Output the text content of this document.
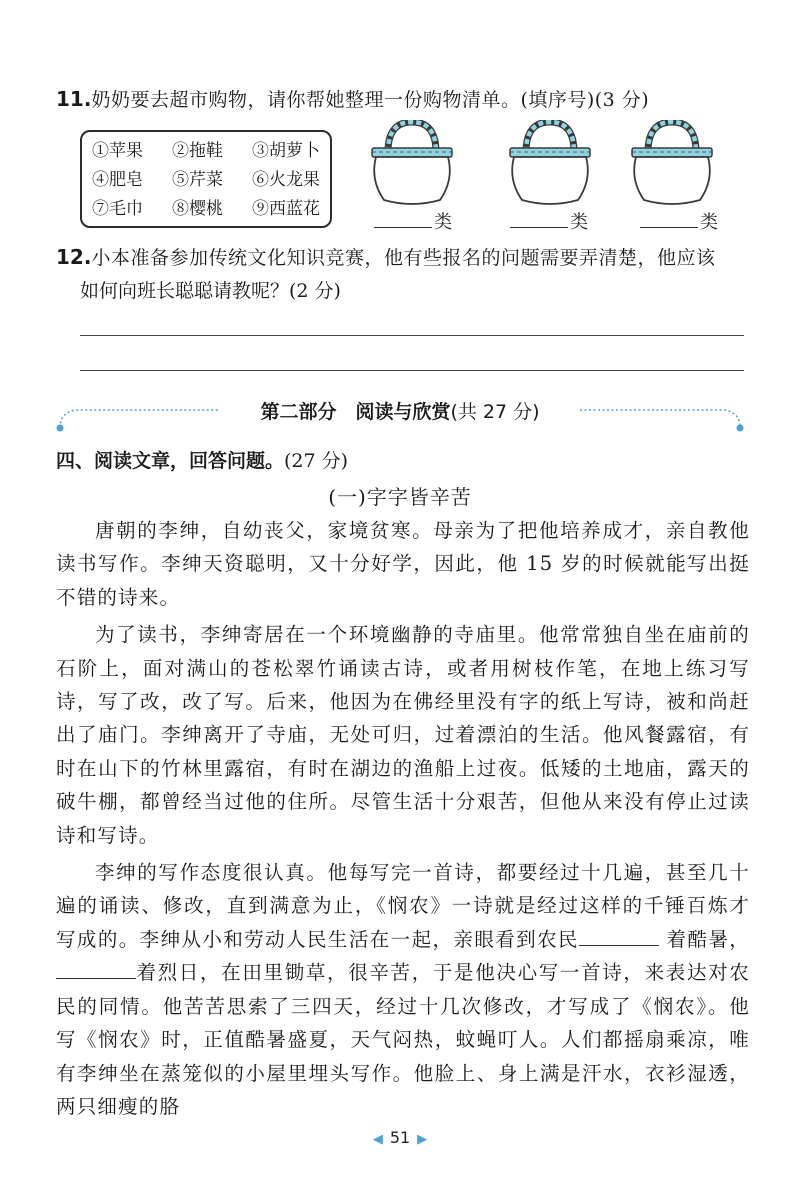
11.奶奶要去超市购物，请你帮她整理一份购物清单。(填序号)(3 分)

①苹果	②拖鞋	③胡萝卜
④肥皂	⑤芹菜	⑥火龙果
⑦毛巾	⑧樱桃	⑨西蓝花
类	类	类

12.小本准备参加传统文化知识竞赛，他有些报名的问题需要弄清楚，他应该

如何向班长聪聪请教呢？(2 分)

第二部分　阅读与欣赏(共 27 分)
四、阅读文章，回答问题。(27 分)
(一)字字皆辛苦

唐朝的李绅，自幼丧父，家境贫寒。母亲为了把他培养成才，亲自教他读书写作。李绅天资聪明，又十分好学，因此，他 15 岁的时候就能写出挺不错的诗来。

为了读书，李绅寄居在一个环境幽静的寺庙里。他常常独自坐在庙前的石阶上，面对满山的苍松翠竹诵读古诗，或者用树枝作笔，在地上练习写诗，写了改，改了写。后来，他因为在佛经里没有字的纸上写诗，被和尚赶出了庙门。李绅离开了寺庙，无处可归，过着漂泊的生活。他风餐露宿，有时在山下的竹林里露宿，有时在湖边的渔船上过夜。低矮的土地庙，露天的破牛棚，都曾经当过他的住所。尽管生活十分艰苦，但他从来没有停止过读诗和写诗。

李绅的写作态度很认真。他每写完一首诗，都要经过十几遍，甚至几十遍的诵读、修改，直到满意为止，《悯农》一诗就是经过这样的千锤百炼才写成的。李绅从小和劳动人民生活在一起，亲眼看到农民	着酷暑，着烈日，在田里锄草，很辛苦，于是他决心写一首诗，来表达对农民的同情。他苦苦思索了三四天，经过十几次修改，才写成了《悯农》。他写《悯农》时，正值酷暑盛夏，天气闷热，蚊蝇叮人。人们都摇扇乘凉，唯有李绅坐在蒸笼似的小屋里埋头写作。他脸上、身上满是汗水，衣衫湿透，两只细瘦的胳

◀ 51 ▶
